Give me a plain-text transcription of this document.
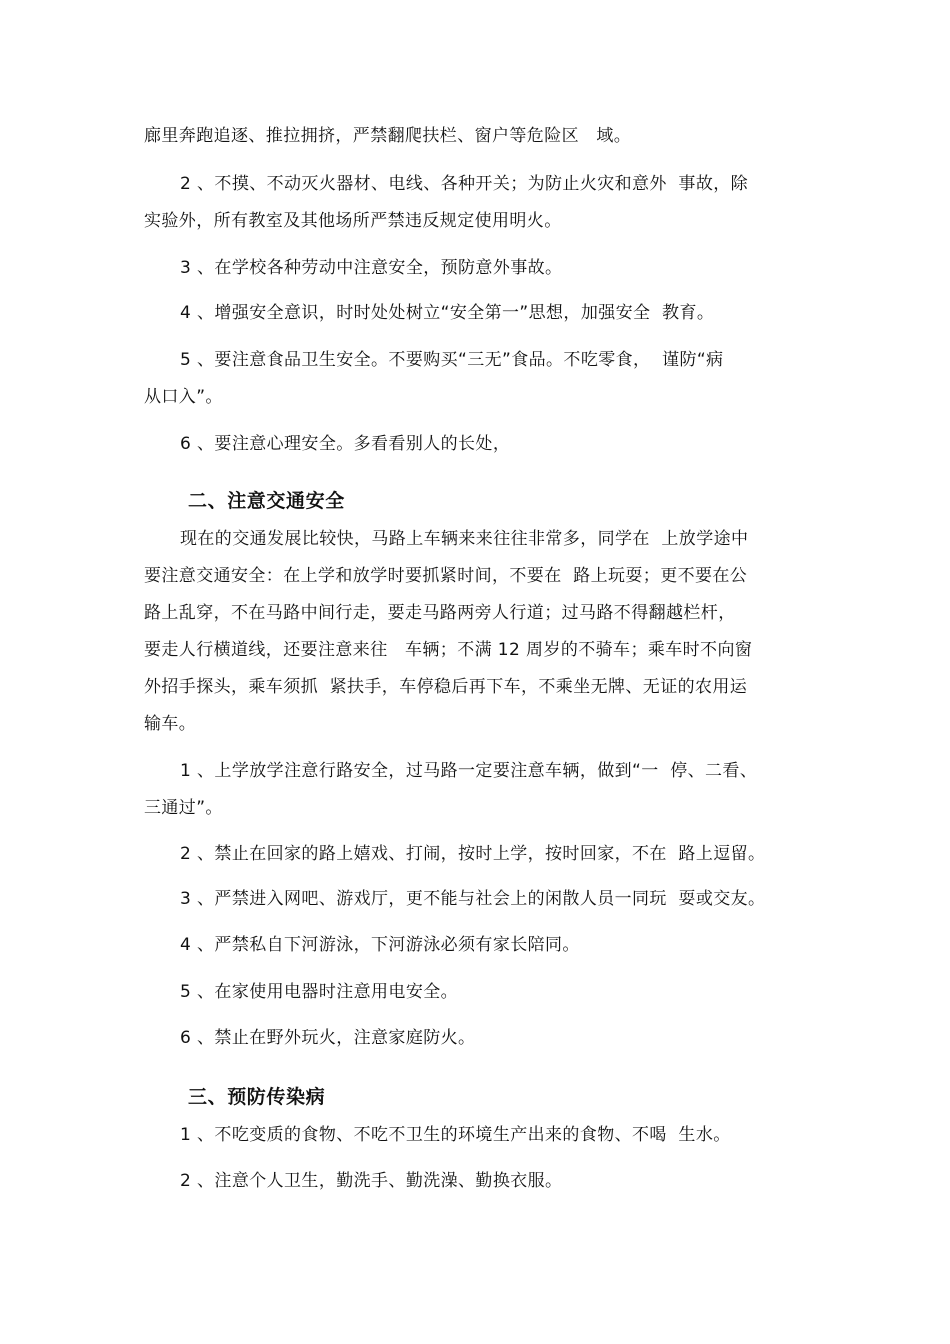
廊里奔跑追逐、推拉拥挤，严禁翻爬扶栏、窗户等危险区　域。
2 、不摸、不动灭火器材、电线、各种开关；为防止火灾和意外  事故，除
实验外，所有教室及其他场所严禁违反规定使用明火。
3 、在学校各种劳动中注意安全，预防意外事故。
4 、增强安全意识，时时处处树立“安全第一”思想，加强安全  教育。
5 、要注意食品卫生安全。不要购买“三无”食品。不吃零食，  谨防“病
从口入”。
6 、要注意心理安全。多看看别人的长处，
二、注意交通安全
现在的交通发展比较快，马路上车辆来来往往非常多，同学在  上放学途中
要注意交通安全：在上学和放学时要抓紧时间，不要在  路上玩耍；更不要在公
路上乱穿，不在马路中间行走，要走马路两旁人行道；过马路不得翻越栏杆，
要走人行横道线，还要注意来往　车辆；不满 12 周岁的不骑车；乘车时不向窗
外招手探头，乘车须抓  紧扶手，车停稳后再下车，不乘坐无牌、无证的农用运
输车。
1 、上学放学注意行路安全，过马路一定要注意车辆，做到“一  停、二看、
三通过”。
2 、禁止在回家的路上嬉戏、打闹，按时上学，按时回家，不在  路上逗留。
3 、严禁进入网吧、游戏厅，更不能与社会上的闲散人员一同玩  耍或交友。
4 、严禁私自下河游泳，下河游泳必须有家长陪同。
5 、在家使用电器时注意用电安全。
6 、禁止在野外玩火，注意家庭防火。
三、预防传染病
1 、不吃变质的食物、不吃不卫生的环境生产出来的食物、不喝  生水。
2 、注意个人卫生，勤洗手、勤洗澡、勤换衣服。
